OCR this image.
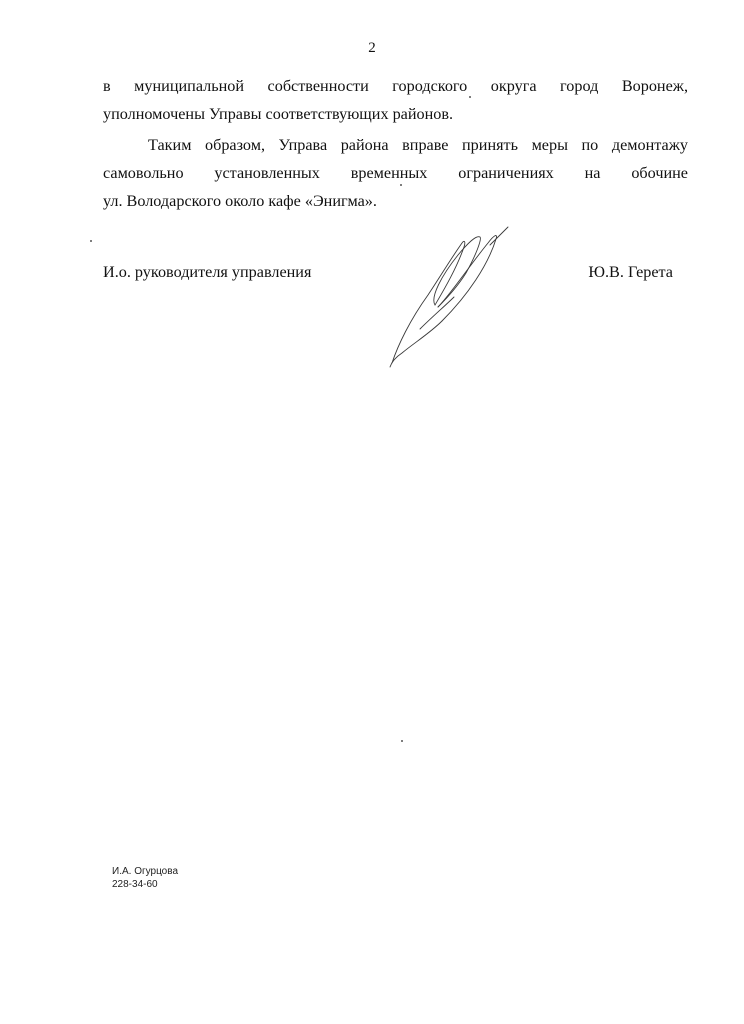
2
в муниципальной собственности городского округа город Воронеж,
уполномочены Управы соответствующих районов.
Таким образом, Управа района вправе принять меры по демонтажу
самовольно установленных временных ограничениях на обочине
ул. Володарского около кафе «Энигма».
И.о. руководителя управления	Ю.В. Герета
И.А. Огурцова
228-34-60
